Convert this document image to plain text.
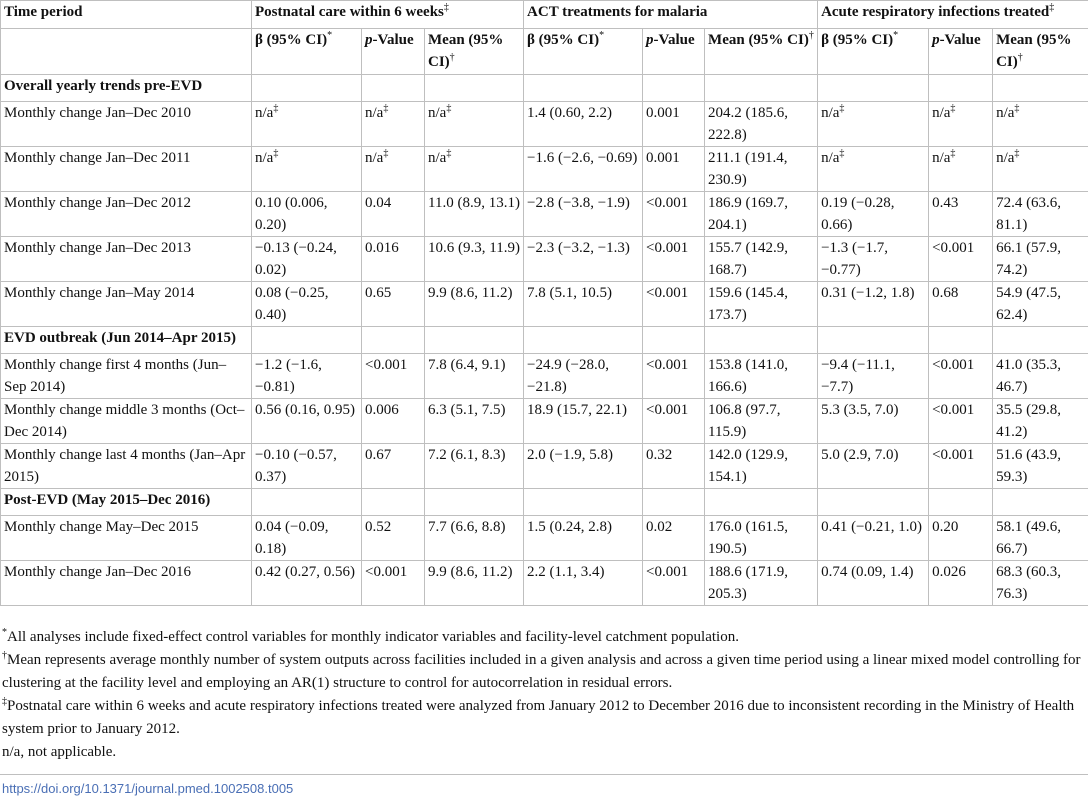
Time period	Postnatal care within 6 weeks‡			ACT treatments for malaria			Acute respiratory infections treated‡
	β (95% CI)*	p-Value	Mean (95% CI)†	β (95% CI)*	p-Value	Mean (95% CI)†	β (95% CI)*	p-Value	Mean (95% CI)†
Overall yearly trends pre-EVD									
Monthly change Jan–Dec 2010	n/a‡	n/a‡	n/a‡	1.4 (0.60, 2.2)	0.001	204.2 (185.6, 222.8)	n/a‡	n/a‡	n/a‡
Monthly change Jan–Dec 2011	n/a‡	n/a‡	n/a‡	−1.6 (−2.6, −0.69)	0.001	211.1 (191.4, 230.9)	n/a‡	n/a‡	n/a‡
Monthly change Jan–Dec 2012	0.10 (0.006, 0.20)	0.04	11.0 (8.9, 13.1)	−2.8 (−3.8, −1.9)	<0.001	186.9 (169.7, 204.1)	0.19 (−0.28, 0.66)	0.43	72.4 (63.6, 81.1)
Monthly change Jan–Dec 2013	−0.13 (−0.24, 0.02)	0.016	10.6 (9.3, 11.9)	−2.3 (−3.2, −1.3)	<0.001	155.7 (142.9, 168.7)	−1.3 (−1.7, −0.77)	<0.001	66.1 (57.9, 74.2)
Monthly change Jan–May 2014	0.08 (−0.25, 0.40)	0.65	9.9 (8.6, 11.2)	7.8 (5.1, 10.5)	<0.001	159.6 (145.4, 173.7)	0.31 (−1.2, 1.8)	0.68	54.9 (47.5, 62.4)
EVD outbreak (Jun 2014–Apr 2015)									
Monthly change first 4 months (Jun–Sep 2014)	−1.2 (−1.6, −0.81)	<0.001	7.8 (6.4, 9.1)	−24.9 (−28.0, −21.8)	<0.001	153.8 (141.0, 166.6)	−9.4 (−11.1, −7.7)	<0.001	41.0 (35.3, 46.7)
Monthly change middle 3 months (Oct–Dec 2014)	0.56 (0.16, 0.95)	0.006	6.3 (5.1, 7.5)	18.9 (15.7, 22.1)	<0.001	106.8 (97.7, 115.9)	5.3 (3.5, 7.0)	<0.001	35.5 (29.8, 41.2)
Monthly change last 4 months (Jan–Apr 2015)	−0.10 (−0.57, 0.37)	0.67	7.2 (6.1, 8.3)	2.0 (−1.9, 5.8)	0.32	142.0 (129.9, 154.1)	5.0 (2.9, 7.0)	<0.001	51.6 (43.9, 59.3)
Post-EVD (May 2015–Dec 2016)									
Monthly change May–Dec 2015	0.04 (−0.09, 0.18)	0.52	7.7 (6.6, 8.8)	1.5 (0.24, 2.8)	0.02	176.0 (161.5, 190.5)	0.41 (−0.21, 1.0)	0.20	58.1 (49.6, 66.7)
Monthly change Jan–Dec 2016	0.42 (0.27, 0.56)	<0.001	9.9 (8.6, 11.2)	2.2 (1.1, 3.4)	<0.001	188.6 (171.9, 205.3)	0.74 (0.09, 1.4)	0.026	68.3 (60.3, 76.3)

*All analyses include fixed-effect control variables for monthly indicator variables and facility-level catchment population.

†Mean represents average monthly number of system outputs across facilities included in a given analysis and across a given time period using a linear mixed model controlling for clustering at the facility level and employing an AR(1) structure to control for autocorrelation in residual errors.

‡Postnatal care within 6 weeks and acute respiratory infections treated were analyzed from January 2012 to December 2016 due to inconsistent recording in the Ministry of Health system prior to January 2012.

n/a, not applicable.

https://doi.org/10.1371/journal.pmed.1002508.t005
